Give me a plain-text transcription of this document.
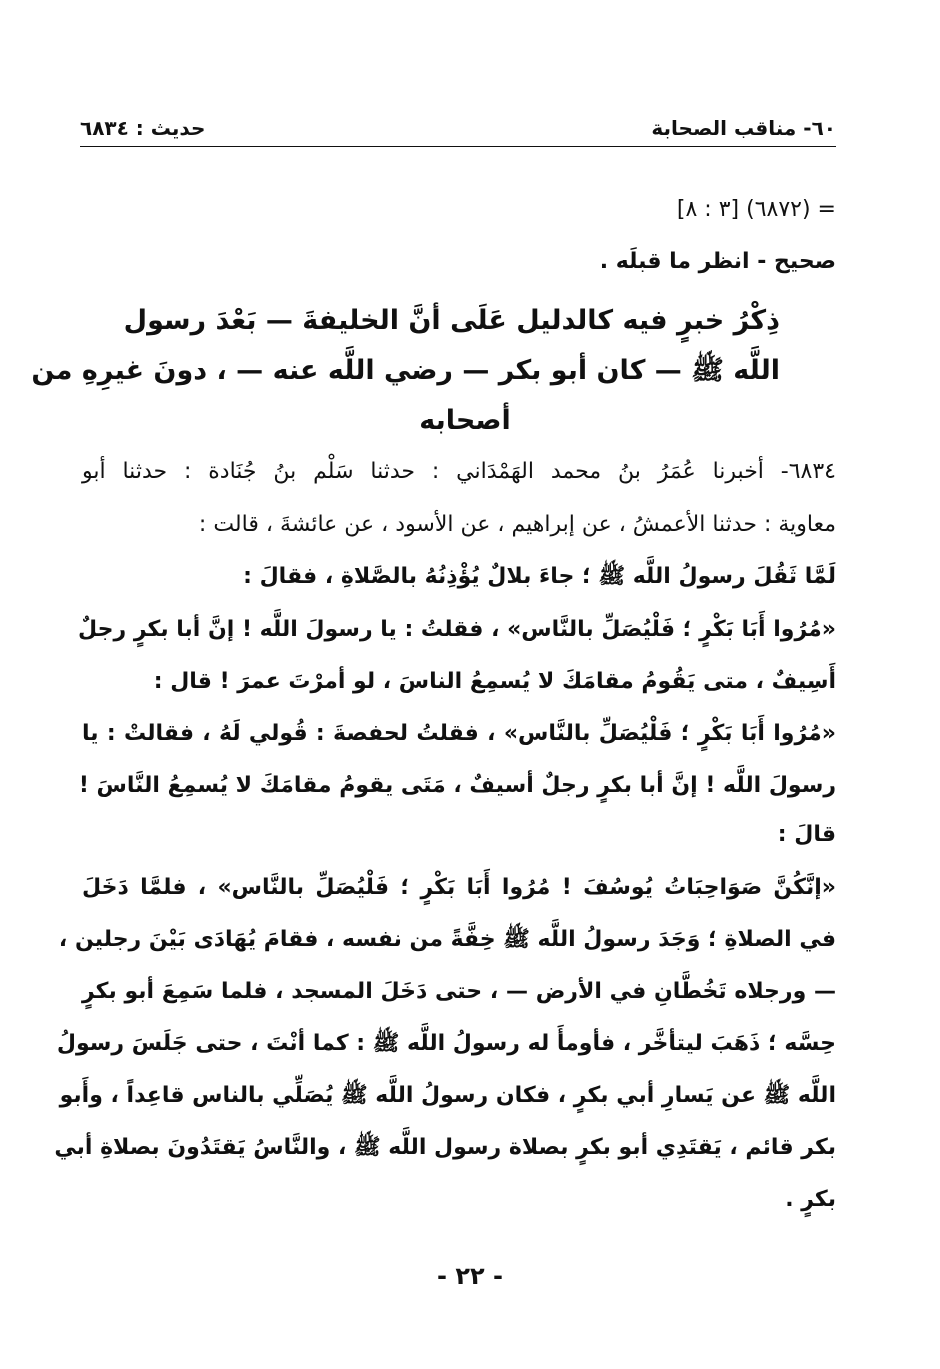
حديث : ٦٨٣٤	٦٠- مناقب الصحابة
= (٦٨٧٢) [٣ : ٨]
صحيح - انظر ما قبلَه .
ذِكْرُ خبرٍ فيه كالدليل عَلَى أنَّ الخليفةَ — بَعْدَ رسول
اللَّه ﷺ — كان أبو بكر — رضي اللَّه عنه — ، دونَ غيرِهِ من
أصحابه
٦٨٣٤- أخبرنا عُمَرُ بنُ محمد الهَمْدَاني : حدثنا سَلْم بنُ جُنَادة : حدثنا أبو
معاوية : حدثنا الأعمشُ ، عن إبراهيم ، عن الأسود ، عن عائشةَ ، قالت :
لَمَّا ثَقُلَ رسولُ اللَّه ﷺ ؛ جاءَ بلالٌ يُؤْذِنُهُ بالصَّلاةِ ، فقالَ :
«مُرُوا أَبَا بَكْرٍ ؛ فَلْيُصَلِّ بالنَّاس» ، فقلتُ : يا رسولَ اللَّه ! إنَّ أبا بكرٍ رجلٌ
أَسِيفٌ ، متى يَقُومُ مقامَكَ لا يُسمِعُ الناسَ ، لو أمرْتَ عمرَ ! قال :
«مُرُوا أَبَا بَكْرٍ ؛ فَلْيُصَلِّ بالنَّاس» ، فقلتُ لحفصةَ : قُولي لَهُ ، فقالتْ : يا
رسولَ اللَّه ! إنَّ أبا بكرٍ رجلٌ أسيفٌ ، مَتَى يقومُ مقامَكَ لا يُسمِعُ النَّاسَ !
قالَ :
«إنَّكُنَّ صَوَاحِبَاتُ يُوسُفَ ! مُرُوا أَبَا بَكْرٍ ؛ فَلْيُصَلِّ بالنَّاس» ، فلمَّا دَخَلَ
في الصلاةِ ؛ وَجَدَ رسولُ اللَّه ﷺ خِفَّةً من نفسه ، فقامَ يُهَادَى بَيْنَ رجلين ،
— ورجلاه تَخُطَّانِ في الأرض — ، حتى دَخَلَ المسجد ، فلما سَمِعَ أبو بكرٍ
حِسَّه ؛ ذَهَبَ ليتأخَّر ، فأومأَ له رسولُ اللَّه ﷺ : كما أنْتَ ، حتى جَلَسَ رسولُ
اللَّه ﷺ عن يَسارِ أبي بكرٍ ، فكان رسولُ اللَّه ﷺ يُصَلِّي بالناس قاعِداً ، وأَبو
بكر قائم ، يَقتَدِي أبو بكرٍ بصلاة رسول اللَّه ﷺ ، والنَّاسُ يَقتَدُونَ بصلاةِ أبي
بكرٍ .
- ٢٢ -
